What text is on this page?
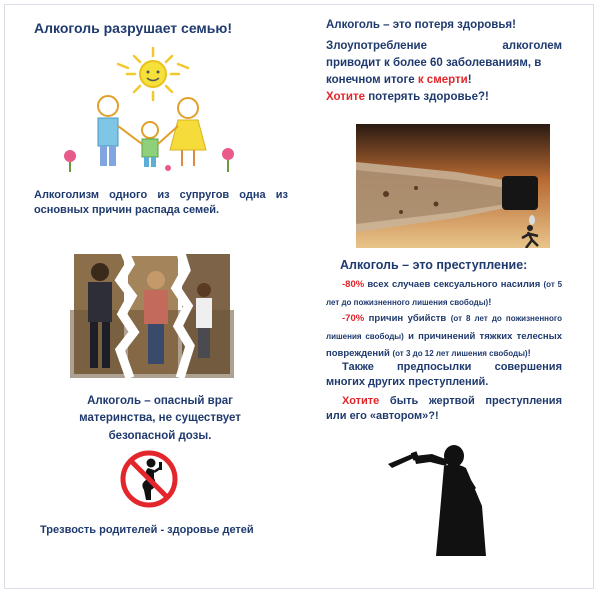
Алкоголь разрушает семью!
Алкоголизм одного из супругов одна из основных причин распада семей.
Алкоголь – опасный враг
материнства, не существует
безопасной дозы.
Трезвость родителей - здоровье детей
Алкоголь – это потеря здоровья!
Злоупотребление	алкоголем
приводит к более 60 заболеваниям, в
конечном итоге к смерти!
Хотите потерять здоровье?!
Алкоголь – это преступление:
-80% всех случаев сексуального насилия (от 5 лет до пожизненного лишения свободы)!
-70% причин убийств (от 8 лет до пожизненного лишения свободы) и причинений тяжких телесных повреждений (от 3 до 12 лет лишения свободы)!
Также предпосылки совершения многих других преступлений.
Хотите быть жертвой преступления или его «автором»?!
